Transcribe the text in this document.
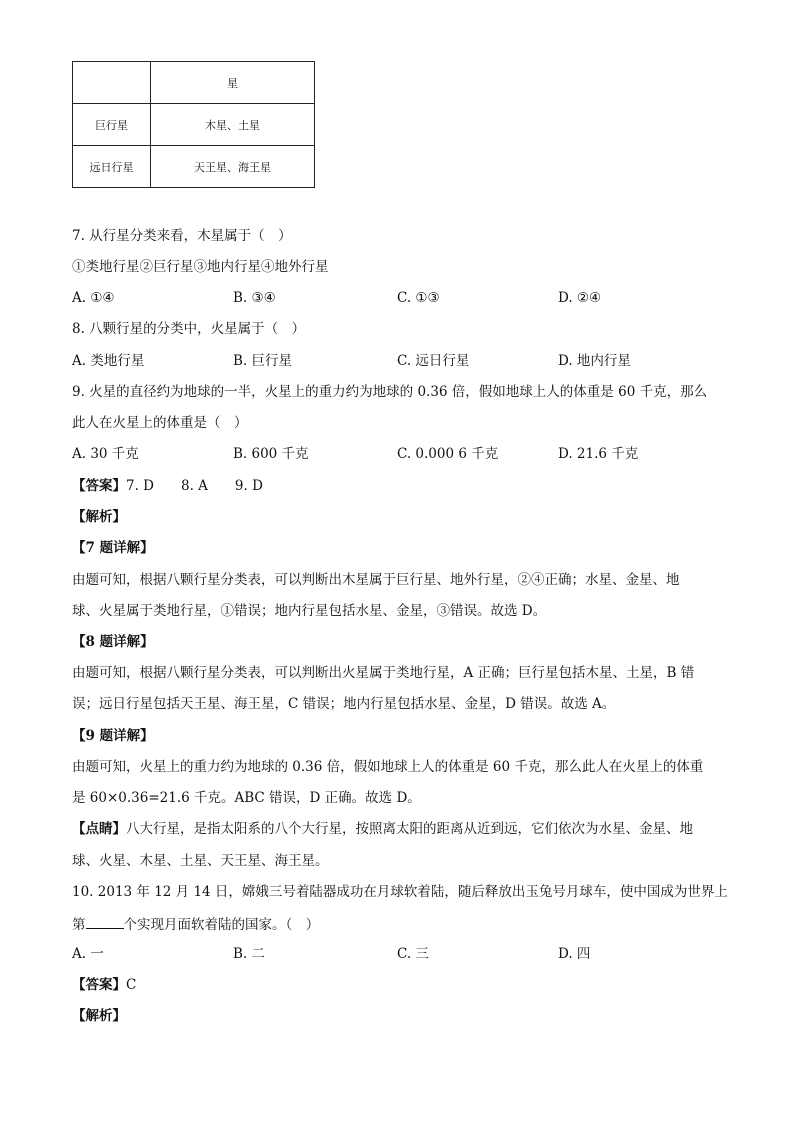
	星
巨行星	木星、土星
远日行星	天王星、海王星
7. 从行星分类来看，木星属于（　）
①类地行星②巨行星③地内行星④地外行星
A. ①④	B. ③④	C. ①③	D. ②④
8. 八颗行星的分类中，火星属于（　）
A. 类地行星	B. 巨行星	C. 远日行星	D. 地内行星
9. 火星的直径约为地球的一半，火星上的重力约为地球的 0.36 倍，假如地球上人的体重是 60 千克，那么
此人在火星上的体重是（　）
A. 30 千克	B. 600 千克	C. 0.000 6 千克	D. 21.6 千克
【答案】7. D　　8. A　　9. D
【解析】
【7 题详解】
由题可知，根据八颗行星分类表，可以判断出木星属于巨行星、地外行星，②④正确；水星、金星、地
球、火星属于类地行星，①错误；地内行星包括水星、金星，③错误。故选 D。
【8 题详解】
由题可知，根据八颗行星分类表，可以判断出火星属于类地行星，A 正确；巨行星包括木星、土星，B 错
误；远日行星包括天王星、海王星，C 错误；地内行星包括水星、金星，D 错误。故选 A。
【9 题详解】
由题可知，火星上的重力约为地球的 0.36 倍，假如地球上人的体重是 60 千克，那么此人在火星上的体重
是 60×0.36=21.6 千克。ABC 错误，D 正确。故选 D。
【点睛】八大行星，是指太阳系的八个大行星，按照离太阳的距离从近到远，它们依次为水星、金星、地
球、火星、木星、土星、天王星、海王星。
10. 2013 年 12 月 14 日，嫦娥三号着陆器成功在月球软着陆，随后释放出玉兔号月球车，使中国成为世界上
第	个实现月面软着陆的国家。（　）
A. 一	B. 二	C. 三	D. 四
【答案】C
【解析】
